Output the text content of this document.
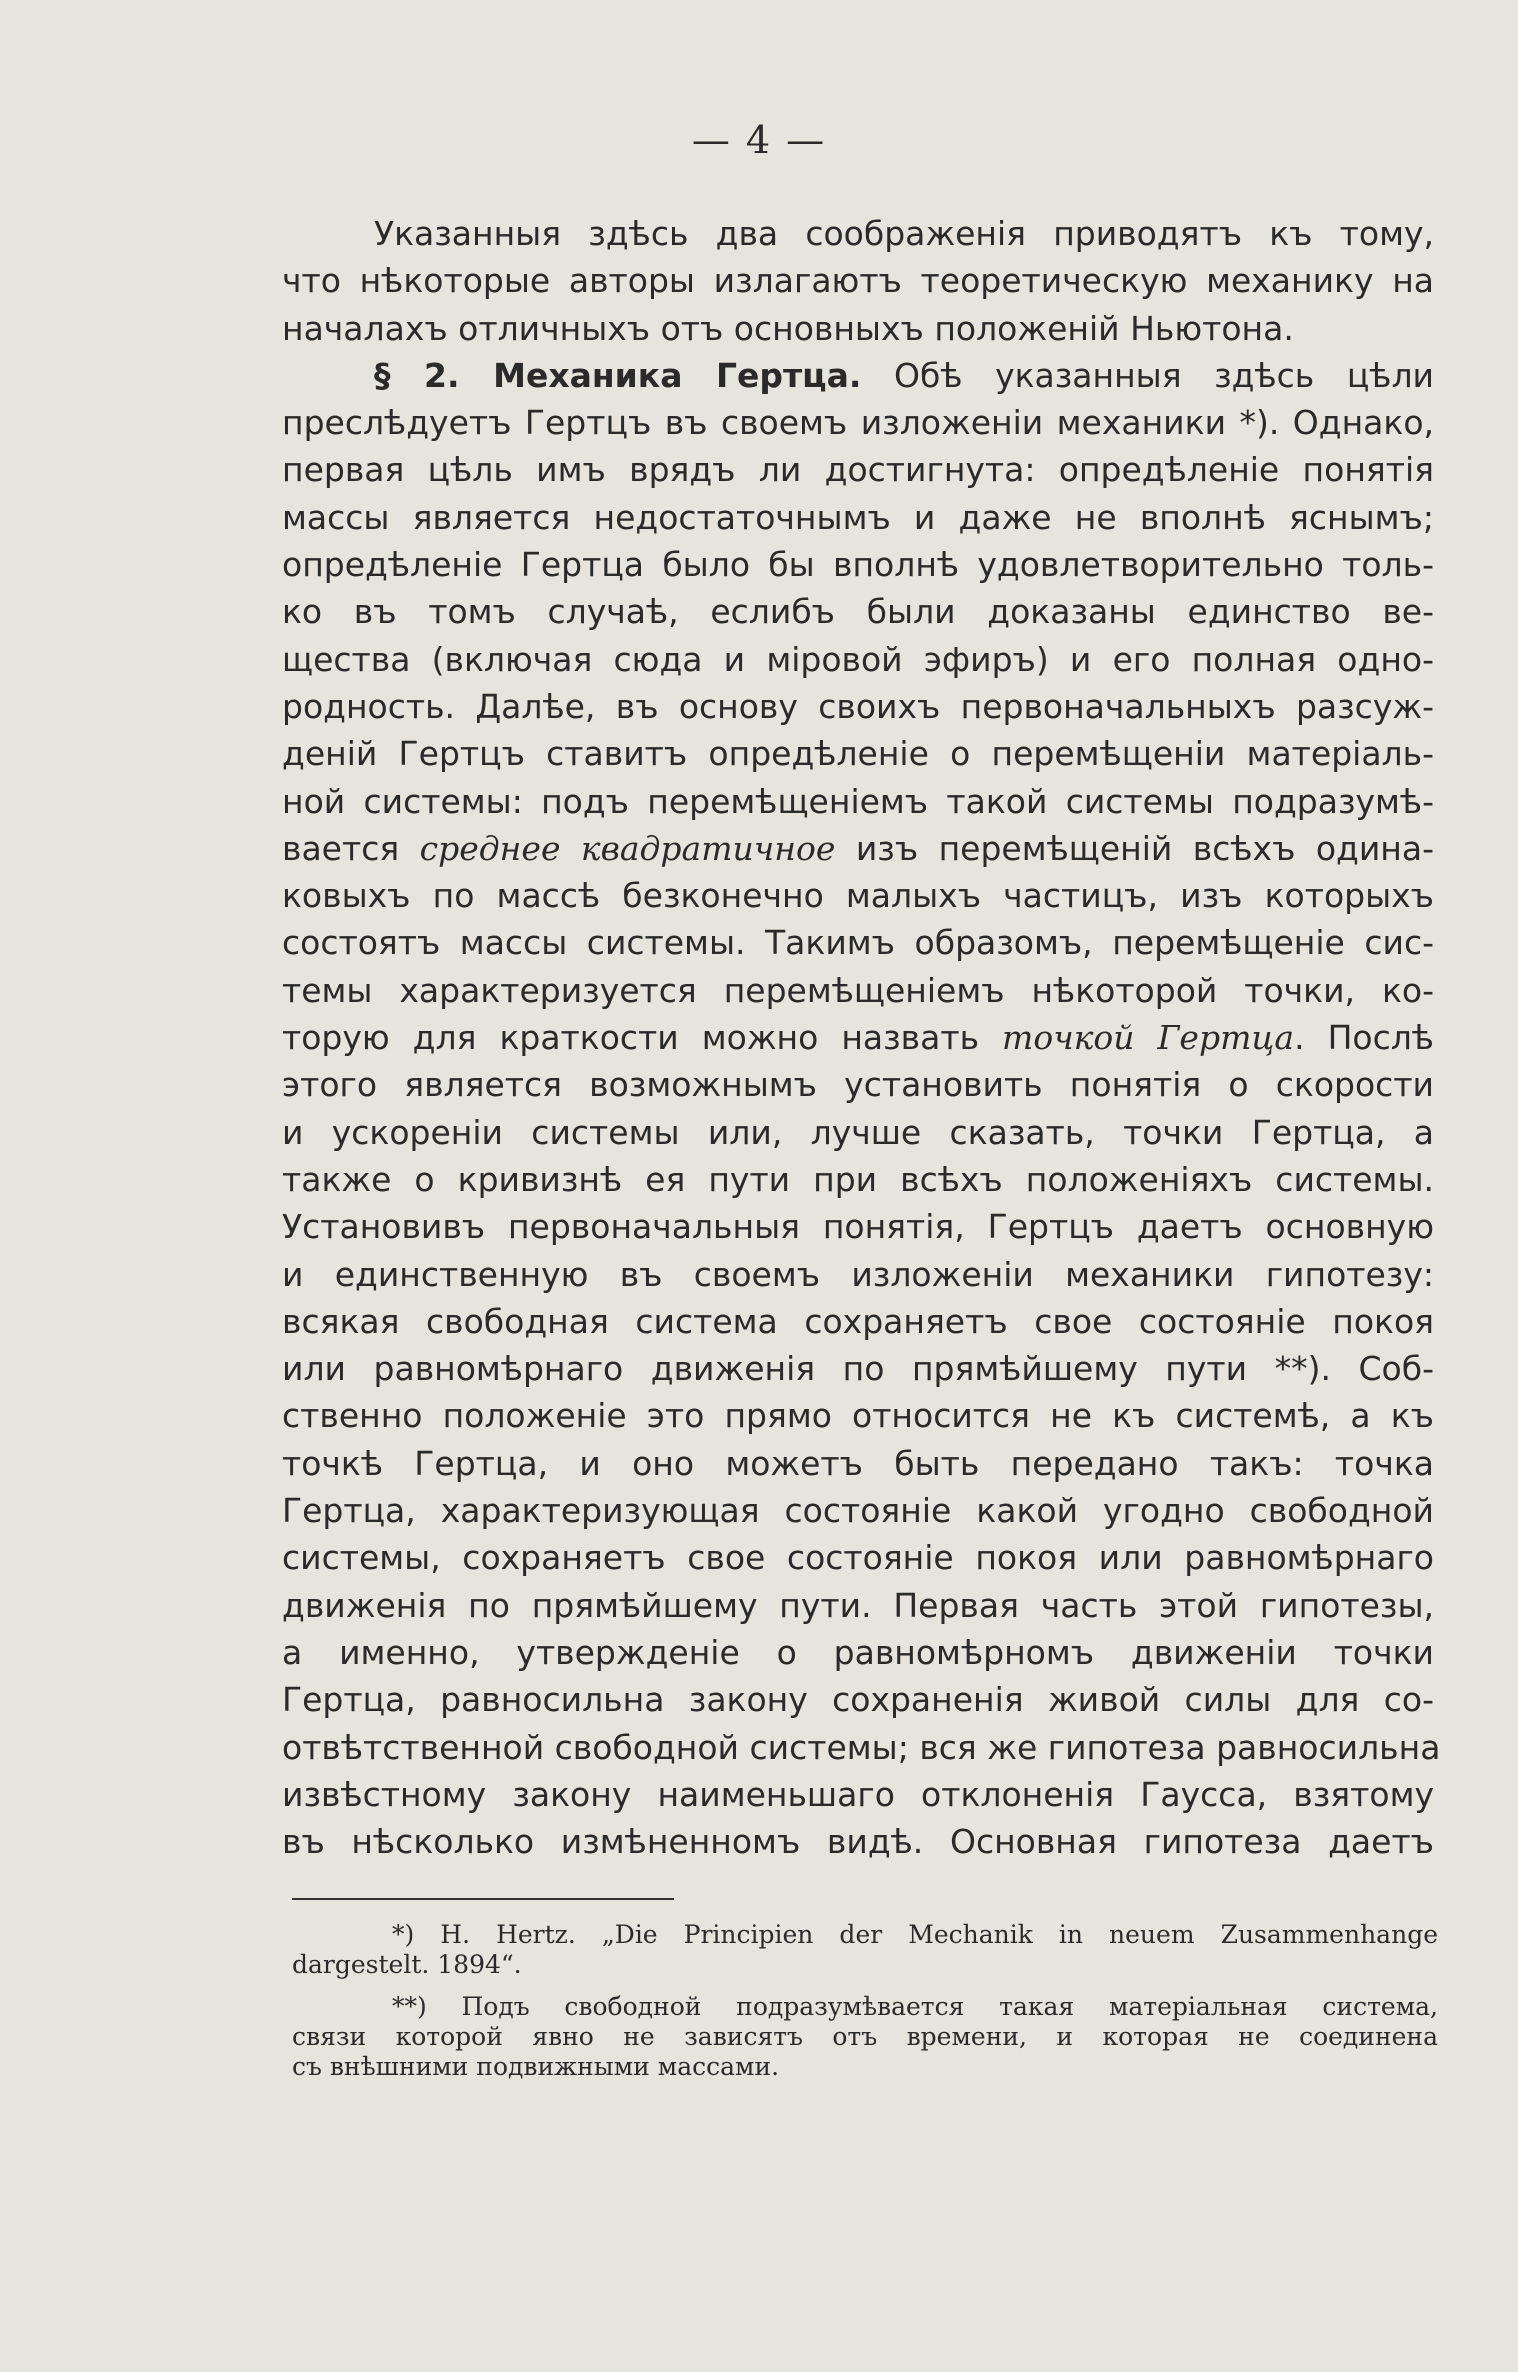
— 4 —
Указанныя здѣсь два соображенія приводятъ къ тому,
что нѣкоторые авторы излагаютъ теоретическую механику на
началахъ отличныхъ отъ основныхъ положеній Ньютона.
§ 2. Механика Гертца. Обѣ указанныя здѣсь цѣли
преслѣдуетъ Гертцъ въ своемъ изложеніи механики *). Однако,
первая цѣль имъ врядъ ли достигнута: опредѣленіе понятія
массы является недостаточнымъ и даже не вполнѣ яснымъ;
опредѣленіе Гертца было бы вполнѣ удовлетворительно толь-
ко въ томъ случаѣ, еслибъ были доказаны единство ве-
щества (включая сюда и міровой эфиръ) и его полная одно-
родность. Далѣе, въ основу своихъ первоначальныхъ разсуж-
деній Гертцъ ставитъ опредѣленіе о перемѣщеніи матеріаль-
ной системы: подъ перемѣщеніемъ такой системы подразумѣ-
вается среднее квадратичное изъ перемѣщеній всѣхъ одина-
ковыхъ по массѣ безконечно малыхъ частицъ, изъ которыхъ
состоятъ массы системы. Такимъ образомъ, перемѣщеніе сис-
темы характеризуется перемѣщеніемъ нѣкоторой точки, ко-
торую для краткости можно назвать точкой Гертца. Послѣ
этого является возможнымъ установить понятія о скорости
и ускореніи системы или, лучше сказать, точки Гертца, а
также о кривизнѣ ея пути при всѣхъ положеніяхъ системы.
Установивъ первоначальныя понятія, Гертцъ даетъ основную
и единственную въ своемъ изложеніи механики гипотезу:
всякая свободная система сохраняетъ свое состояніе покоя
или равномѣрнаго движенія по прямѣйшему пути **). Соб-
ственно положеніе это прямо относится не къ системѣ, а къ
точкѣ Гертца, и оно можетъ быть передано такъ: точка
Гертца, характеризующая состояніе какой угодно свободной
системы, сохраняетъ свое состояніе покоя или равномѣрнаго
движенія по прямѣйшему пути. Первая часть этой гипотезы,
а именно, утвержденіе о равномѣрномъ движеніи точки
Гертца, равносильна закону сохраненія живой силы для со-
отвѣтственной свободной системы; вся же гипотеза равносильна
извѣстному закону наименьшаго отклоненія Гаусса, взятому
въ нѣсколько измѣненномъ видѣ. Основная гипотеза даетъ
*) H. Hertz. „Die Principien der Mechanik in neuem Zusammenhange
dargestelt. 1894“.
**) Подъ свободной подразумѣвается такая матеріальная система,
связи которой явно не зависятъ отъ времени, и которая не соединена
съ внѣшними подвижными массами.
